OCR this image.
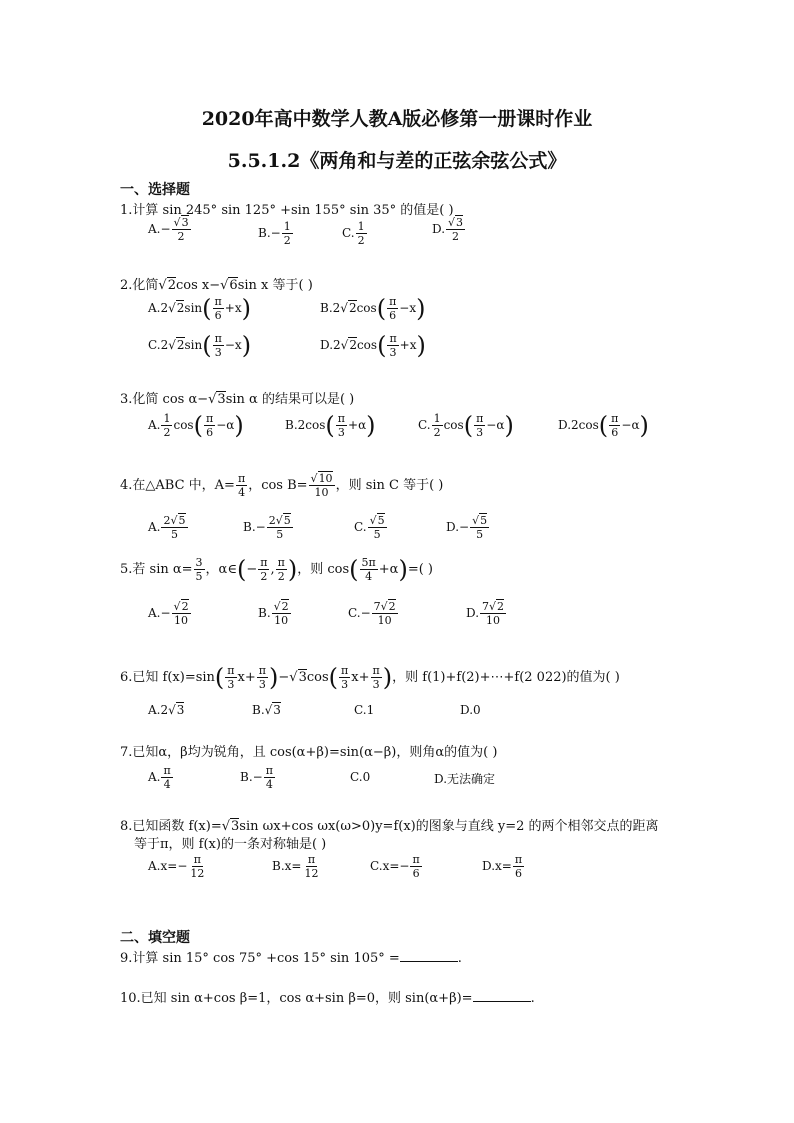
2020年高中数学人教A版必修第一册课时作业
5.5.1.2《两角和与差的正弦余弦公式》
一、选择题
1.计算 sin 245° sin 125° +sin 155° sin 35° 的值是( )
$A.- \frac{√3}{2}$	$B.- \frac{1}{2}$	C. $\frac{1}{2}$	D. $\frac{√3}{2}$
2.化简√2cos x−√6sin x 等于( )
$A.2√2\sin( \frac{\pi}{6} +x)$	$B.2√2\cos( \frac{\pi}{6} -x)$
$C.2√2\sin( \frac{\pi}{3} -x)$	$D.2√2\cos( \frac{\pi}{3} +x)$
3.化简 cos α−√3sin α 的结果可以是( )
A. $\frac{1}{2} \cos( \frac{\pi}{6} -\alpha)$	$B.2\cos( \frac{\pi}{3} +\alpha)$	C. $\frac{1}{2} \cos( \frac{\pi}{3} -\alpha)$	$D.2\cos( \frac{\pi}{6} -\alpha)$
4.在△ABC 中，$A= \frac{\pi}{4}$ ，$\cos B= \frac{√10}{10}$ ，则 sin C 等于( )
A. $\frac{2√5}{5}$	$B.- \frac{2√5}{5}$	C. $\frac{√5}{5}$	$D.- \frac{√5}{5}$
5.若 $\sin \alpha= \frac{3}{5}$ ，α∈(− $\frac{\pi}{2}$ , $\frac{\pi}{2}$ )，则 $\cos( \frac{5\pi}{4} +\alpha)=$( )
$A.- \frac{√2}{10}$	B. $\frac{√2}{10}$	$C.- \frac{7√2}{10}$	D. $\frac{7√2}{10}$
6.已知 $f(x)=\sin( \frac{\pi}{3} x+ \frac{\pi}{3} )-√3\cos( \frac{\pi}{3} x+ \frac{\pi}{3}$ )，则 f(1)+f(2)+⋯+f(2 022)的值为( )
A.2√3	B.√3	C.1	D.0
7.已知α，β均为锐角，且 cos(α+β)=sin(α−β)，则角α的值为( )
A. $\frac{\pi}{4}$	$B.- \frac{\pi}{4}$	C.0	D.无法确定
8.已知函数 f(x)=√3sin ωx+cos ωx(ω>0)y=f(x)的图象与直线 y=2 的两个相邻交点的距离
等于π，则 f(x)的一条对称轴是( )
$A.x=- \frac{\pi}{12}$	$B.x= \frac{\pi}{12}$	$C.x=- \frac{\pi}{6}$	$D.x= \frac{\pi}{6}$
二、填空题
9.计算 sin 15° cos 75° +cos 15° sin 105° =	.
10.已知 sin α+cos β=1，cos α+sin β=0，则 sin(α+β)=	.
